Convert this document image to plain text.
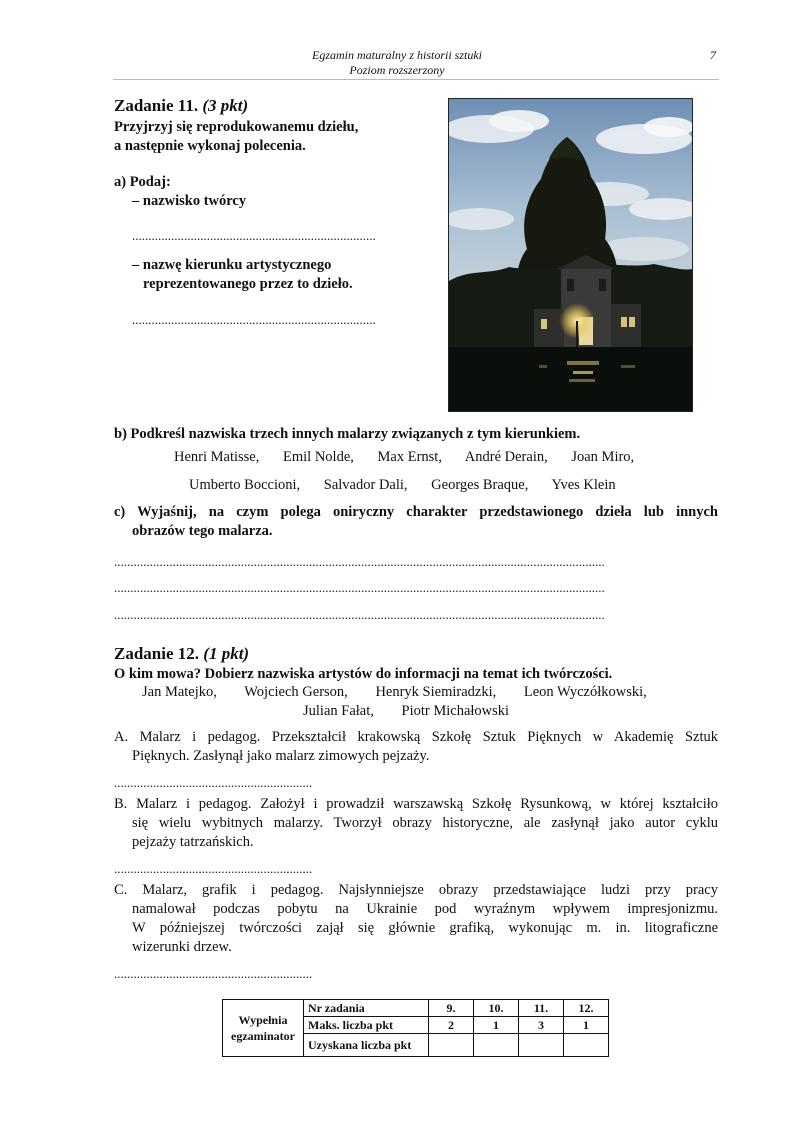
Egzamin maturalny z historii sztuki
Poziom rozszerzony
7
Zadanie 11. (3 pkt)
Przyjrzyj się reprodukowanemu dziełu,
a następnie wykonaj polecenia.
a) Podaj:
– nazwisko twórcy
...........................................................................
– nazwę kierunku artystycznego
reprezentowanego przez to dzieło.
...........................................................................
b) Podkreśl nazwiska trzech innych malarzy związanych z tym kierunkiem.
Henri Matisse, Emil Nolde, Max Ernst, André Derain, Joan Miro,
Umberto Boccioni, Salvador Dali, Georges Braque, Yves Klein
c) Wyjaśnij, na czym polega oniryczny charakter przedstawionego dzieła lub innych
obrazów tego malarza.
.......................................................................................................................................................
.......................................................................................................................................................
.......................................................................................................................................................
Zadanie 12. (1 pkt)
O kim mowa? Dobierz nazwiska artystów do informacji na temat ich twórczości.
Jan Matejko, Wojciech Gerson, Henryk Siemiradzki, Leon Wyczółkowski,
Julian Fałat, Piotr Michałowski
A. Malarz i pedagog. Przekształcił krakowską Szkołę Sztuk Pięknych w Akademię Sztuk
Pięknych. Zasłynął jako malarz zimowych pejzaży.
.............................................................
B. Malarz i pedagog. Założył i prowadził warszawską Szkołę Rysunkową, w której kształciło
się wielu wybitnych malarzy. Tworzył obrazy historyczne, ale zasłynął jako autor cyklu
pejzaży tatrzańskich.
.............................................................
C. Malarz, grafik i pedagog. Najsłynniejsze obrazy przedstawiające ludzi przy pracy
namalował podczas pobytu na Ukrainie pod wyraźnym wpływem impresjonizmu.
W późniejszej twórczości zajął się głównie grafiką, wykonując m. in. litograficzne
wizerunki drzew.
.............................................................
Wypełnia
egzaminator	Nr zadania	9.	10.	11.	12.
	Maks. liczba pkt	2	1	3	1
	Uzyskana liczba pkt				
